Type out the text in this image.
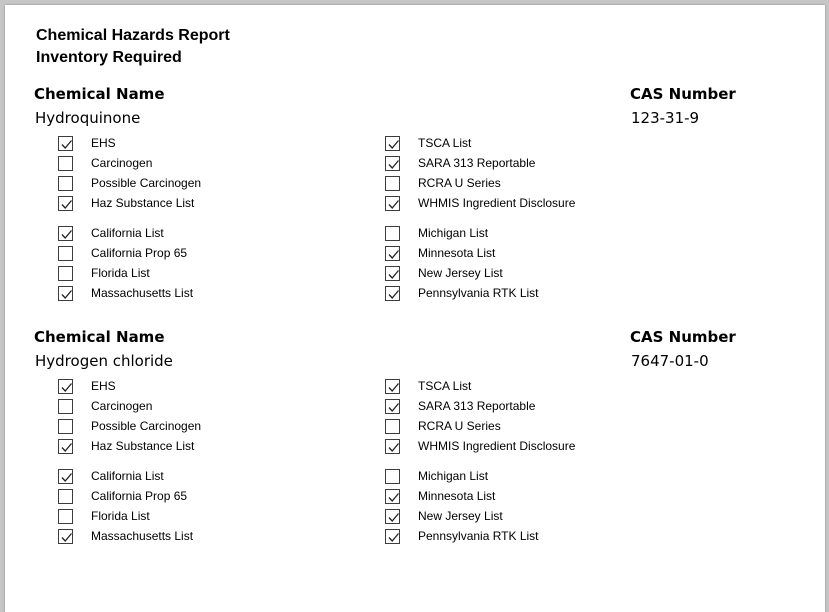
Chemical Hazards Report
Inventory Required
Chemical Name
Hydroquinone
CAS Number
123-31-9
EHS
Carcinogen
Possible Carcinogen
Haz Substance List
California List
California Prop 65
Florida List
Massachusetts List
TSCA List
SARA 313 Reportable
RCRA U Series
WHMIS Ingredient Disclosure
Michigan List
Minnesota List
New Jersey List
Pennsylvania RTK List
Chemical Name
Hydrogen chloride
CAS Number
7647-01-0
EHS
Carcinogen
Possible Carcinogen
Haz Substance List
California List
California Prop 65
Florida List
Massachusetts List
TSCA List
SARA 313 Reportable
RCRA U Series
WHMIS Ingredient Disclosure
Michigan List
Minnesota List
New Jersey List
Pennsylvania RTK List
